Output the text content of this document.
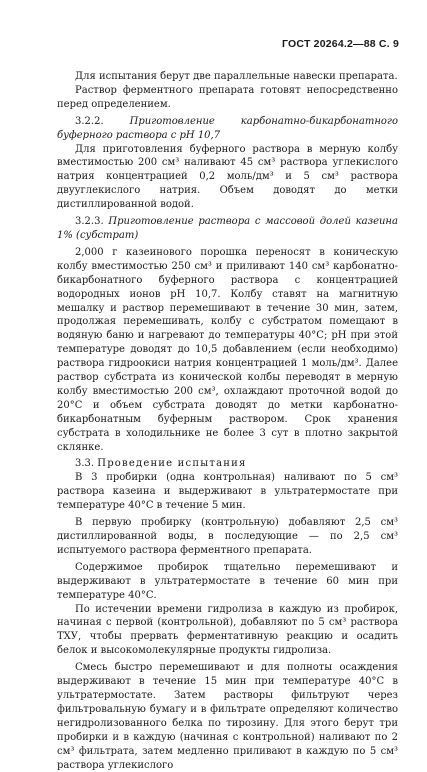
ГОСТ 20264.2—88 С. 9

Для испытания берут две параллельные навески препарата.

Раствор ферментного препарата готовят непосредственно перед определением.

3.2.2.	Приготовление карбонатно-бикарбонатного буферного раствора с рН 10,7

Для приготовления буферного раствора в мерную колбу вместимостью 200 см³ наливают 45 см³ раствора углекислого натрия концентрацией 0,2 моль/дм³ и 5 см³ раствора двууглекислого натрия. Объем доводят до метки дистиллированной водой.

3.2.3. Приготовление раствора с массовой долей казеина 1% (субстрат)

2,000 г казеинового порошка переносят в коническую колбу вместимостью 250 см³ и приливают 140 см³ карбонатно-бикарбонатного буферного раствора с концентрацией водородных ионов рН 10,7. Колбу ставят на магнитную мешалку и раствор перемешивают в течение 30 мин, затем, продолжая перемешивать, колбу с субстратом помещают в водяную баню и нагревают до температуры 40°С; рН при этой температуре доводят до 10,5 добавлением (если необходимо) раствора гидроокиси натрия концентрацией 1 моль/дм³. Далее раствор субстрата из конической колбы переводят в мерную колбу вместимостью 200 см³, охлаждают проточной водой до 20°С и объем субстрата доводят до метки карбонатно-бикарбонатным буферным раствором. Срок хранения субстрата в холодильнике не более 3 сут в плотно закрытой склянке.

3.3. Проведение испытания

В 3 пробирки (одна контрольная) наливают по 5 см³ раствора казеина и выдерживают в ультратермостате при температуре 40°С в течение 5 мин.

В первую пробирку (контрольную) добавляют 2,5 см³ дистиллированной воды, в последующие — по 2,5 см³ испытуемого раствора ферментного препарата.

Содержимое пробирок тщательно перемешивают и выдерживают в ультратермостате в течение 60 мин при температуре 40°С.

По истечении времени гидролиза в каждую из пробирок, начиная с первой (контрольной), добавляют по 5 см³ раствора ТХУ, чтобы прервать ферментативную реакцию и осадить белок и высокомолекулярные продукты гидролиза.

Смесь быстро перемешивают и для полноты осаждения выдерживают в течение 15 мин при температуре 40°С в ультратермостате. Затем растворы фильтруют через фильтровальную бумагу и в фильтрате определяют количество негидролизованного белка по тирозину. Для этого берут три пробирки и в каждую (начиная с контрольной) наливают по 2 см³ фильтрата, затем медленно приливают в каждую по 5 см³ раствора углекислого
